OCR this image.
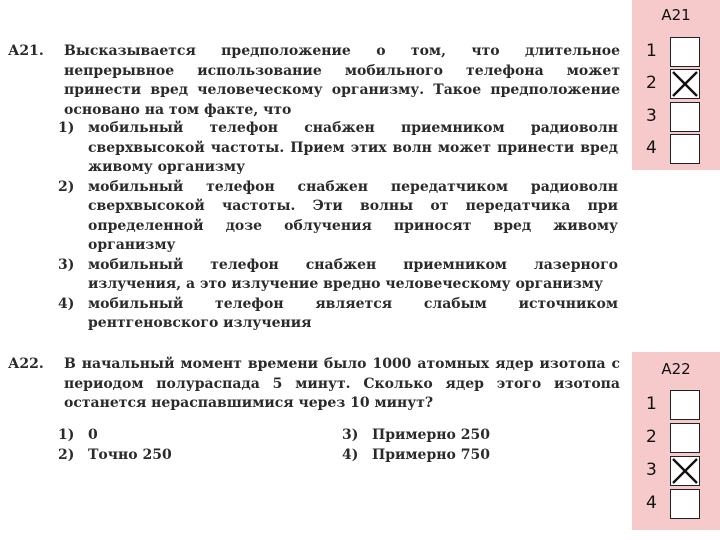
А21.	Высказывается предположение о том, что длительное непрерывное использование мобильного телефона может принести вред человеческому организму. Такое предположение основано на том факте, что
1) мобильный телефон снабжен приемником радиоволн сверхвысокой частоты. Прием этих волн может принести вред живому организму
2) мобильный телефон снабжен передатчиком радиоволн сверхвысокой частоты. Эти волны от передатчика при определенной дозе облучения приносят вред живому организму
3) мобильный телефон снабжен приемником лазерного излучения, а это излучение вредно человеческому организму
4) мобильный телефон является слабым источником рентгеновского излучения
А22.	В начальный момент времени было 1000 атомных ядер изотопа с периодом полураспада 5 минут. Сколько ядер этого изотопа останется нераспавшимися через 10 минут?
1) 0
2) Точно 250
3) Примерно 250
4) Примерно 750
А21
1
2
3
4
А22
1
2
3
4
